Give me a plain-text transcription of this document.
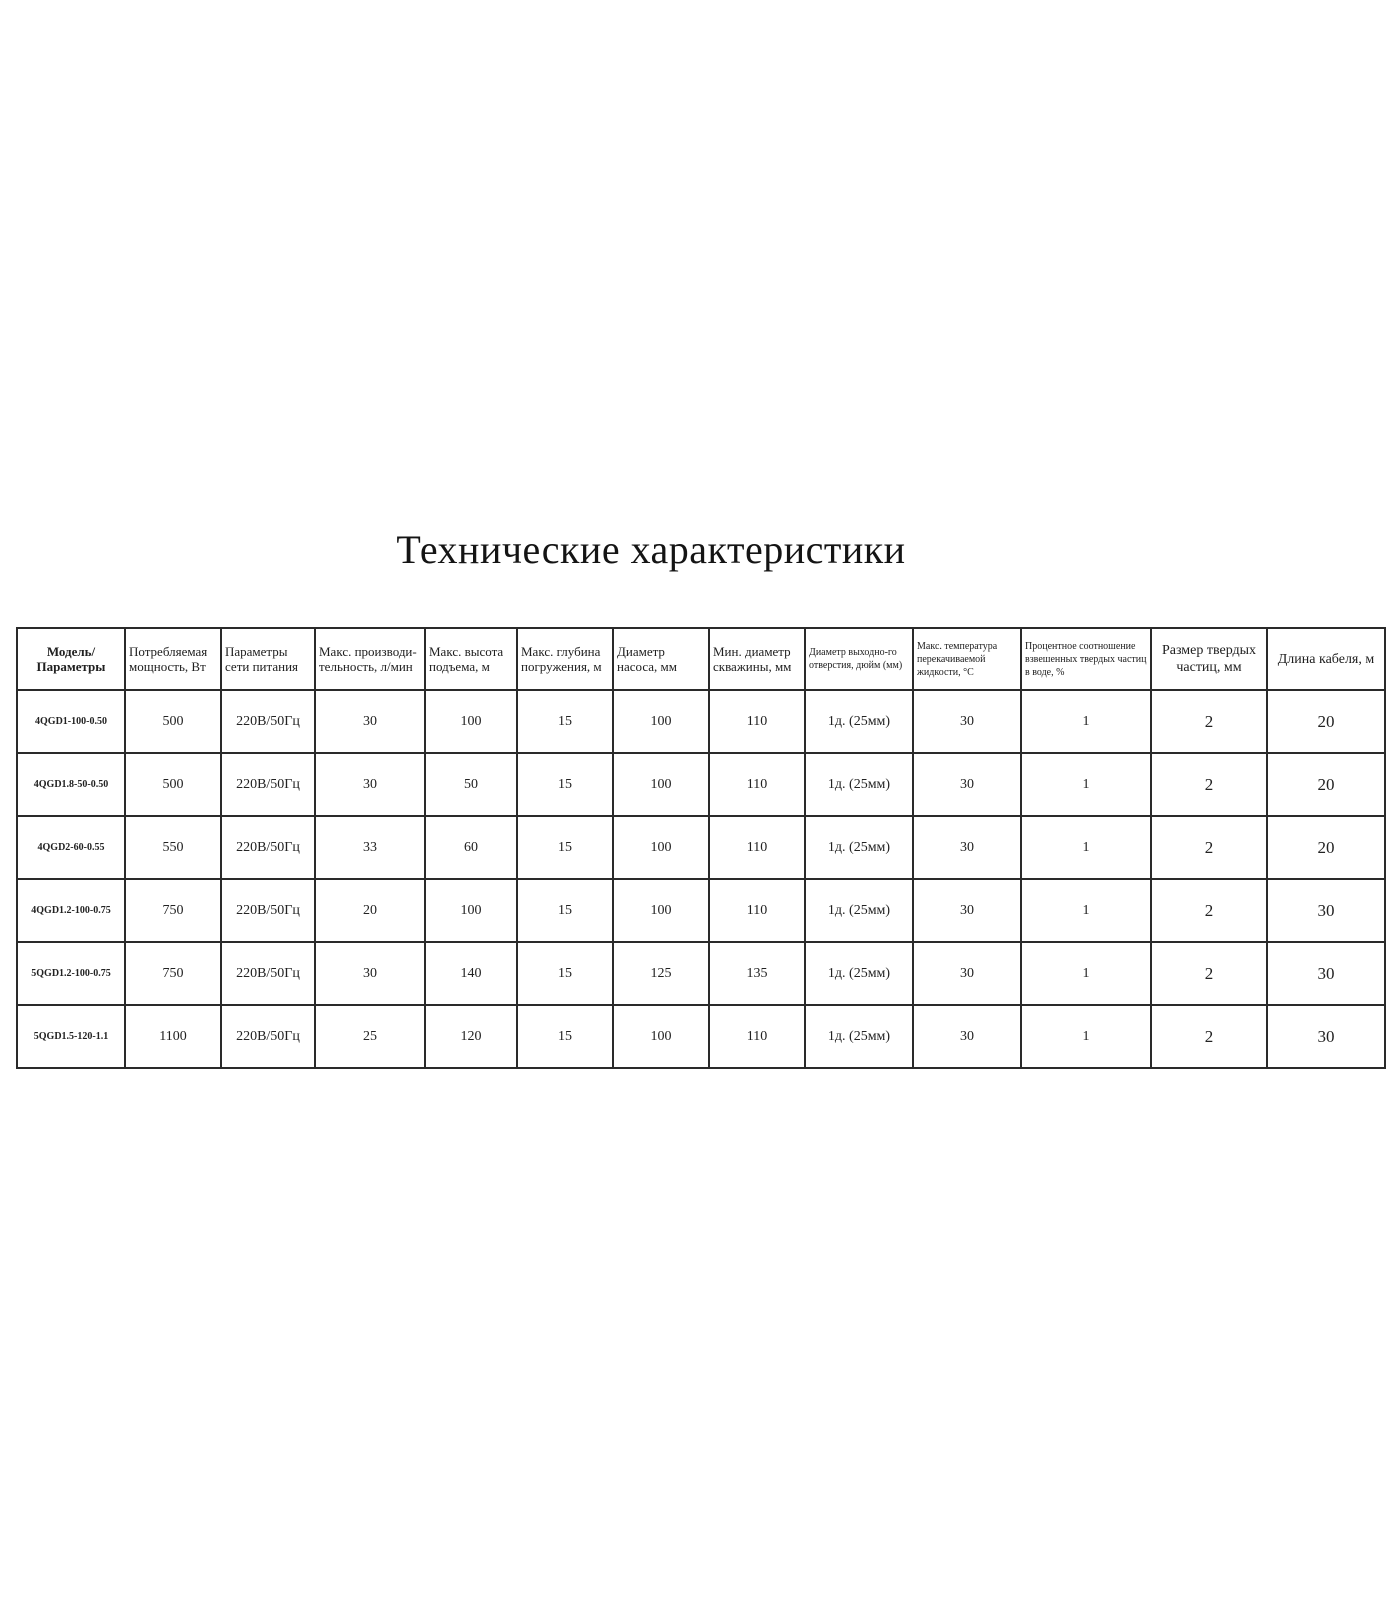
Технические характеристики
Модель/ Параметры	Потребляемая мощность, Вт	Параметры сети питания	Макс. производи-тельность, л/мин	Макс. высота подъема, м	Макс. глубина погружения, м	Диаметр насоса, мм	Мин. диаметр скважины, мм	Диаметр выходно-го отверстия, дюйм (мм)	Макс. температура перекачиваемой жидкости, °С	Процентное соотношение взвешенных твердых частиц в воде, %	Размер твердых частиц, мм	Длина кабеля, м
4QGD1-100-0.50	500	220В/50Гц	30	100	15	100	110	1д. (25мм)	30	1	2	20
4QGD1.8-50-0.50	500	220В/50Гц	30	50	15	100	110	1д. (25мм)	30	1	2	20
4QGD2-60-0.55	550	220В/50Гц	33	60	15	100	110	1д. (25мм)	30	1	2	20
4QGD1.2-100-0.75	750	220В/50Гц	20	100	15	100	110	1д. (25мм)	30	1	2	30
5QGD1.2-100-0.75	750	220В/50Гц	30	140	15	125	135	1д. (25мм)	30	1	2	30
5QGD1.5-120-1.1	1100	220В/50Гц	25	120	15	100	110	1д. (25мм)	30	1	2	30
